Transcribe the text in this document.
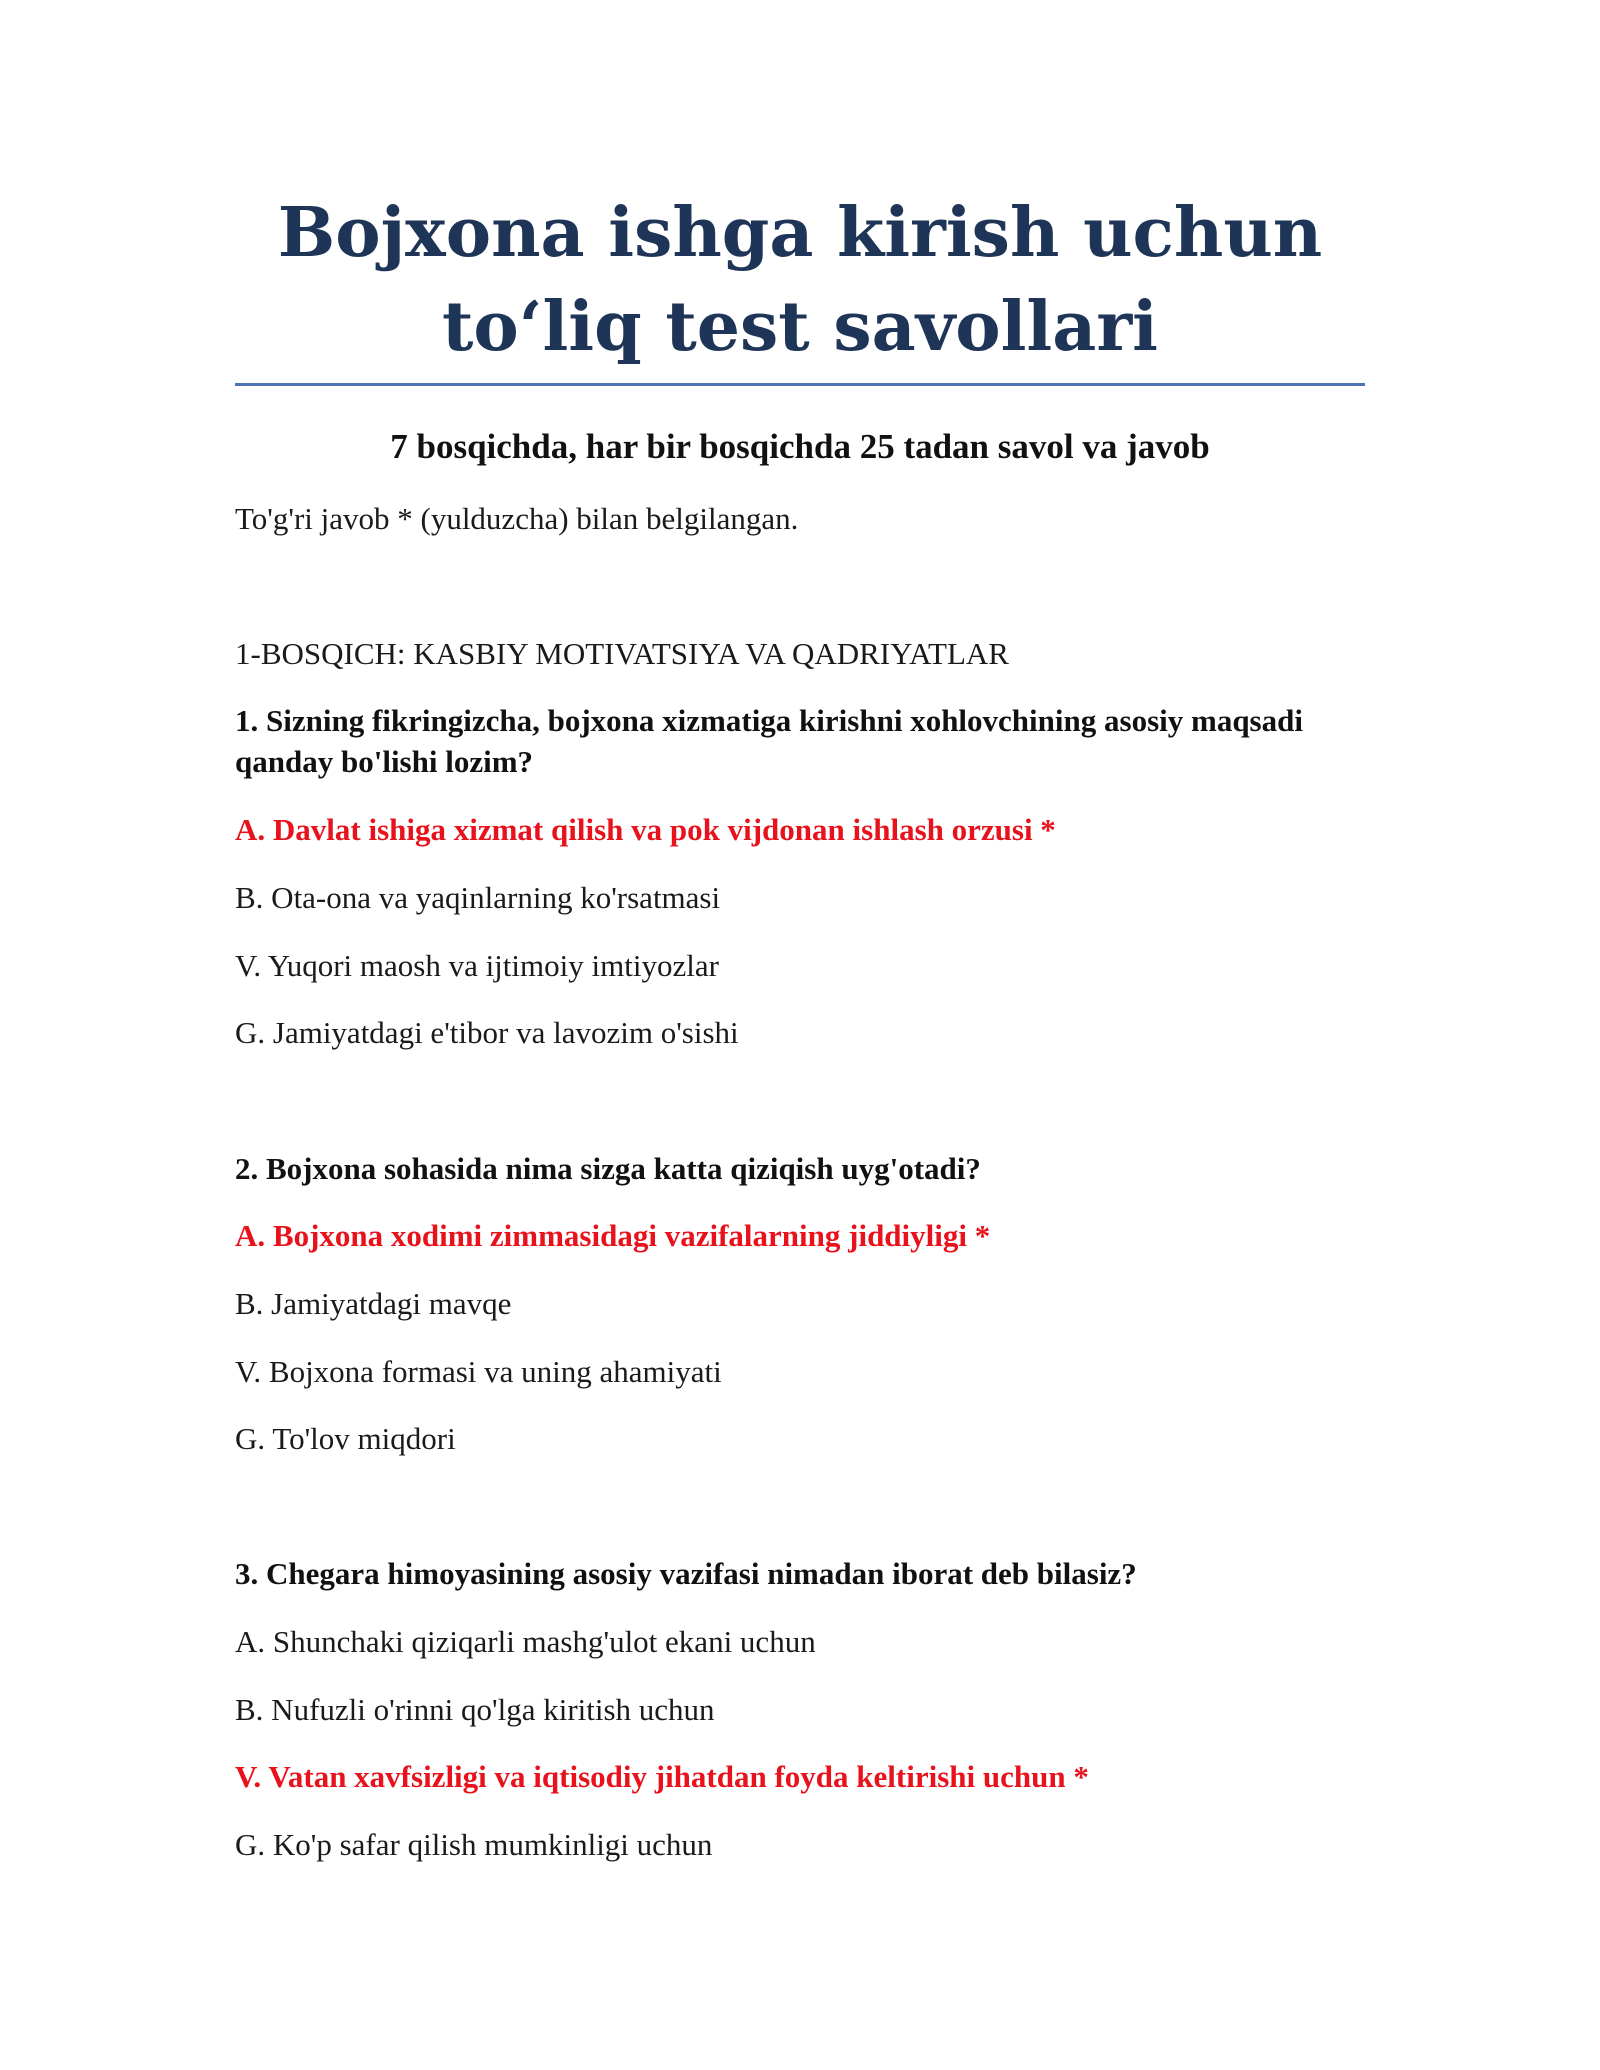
Bojxona ishga kirish uchun to‘liq test savollari
7 bosqichda, har bir bosqichda 25 tadan savol va javob

To'g'ri javob * (yulduzcha) bilan belgilangan.

1-BOSQICH: KASBIY MOTIVATSIYA VA QADRIYATLAR

1. Sizning fikringizcha, bojxona xizmatiga kirishni xohlovchining asosiy maqsadi qanday bo'lishi lozim?

A. Davlat ishiga xizmat qilish va pok vijdonan ishlash orzusi *

B. Ota-ona va yaqinlarning ko'rsatmasi

V. Yuqori maosh va ijtimoiy imtiyozlar

G. Jamiyatdagi e'tibor va lavozim o'sishi

2. Bojxona sohasida nima sizga katta qiziqish uyg'otadi?

A. Bojxona xodimi zimmasidagi vazifalarning jiddiyligi *

B. Jamiyatdagi mavqe

V. Bojxona formasi va uning ahamiyati

G. To'lov miqdori

3. Chegara himoyasining asosiy vazifasi nimadan iborat deb bilasiz?

A. Shunchaki qiziqarli mashg'ulot ekani uchun

B. Nufuzli o'rinni qo'lga kiritish uchun

V. Vatan xavfsizligi va iqtisodiy jihatdan foyda keltirishi uchun *

G. Ko'p safar qilish mumkinligi uchun
